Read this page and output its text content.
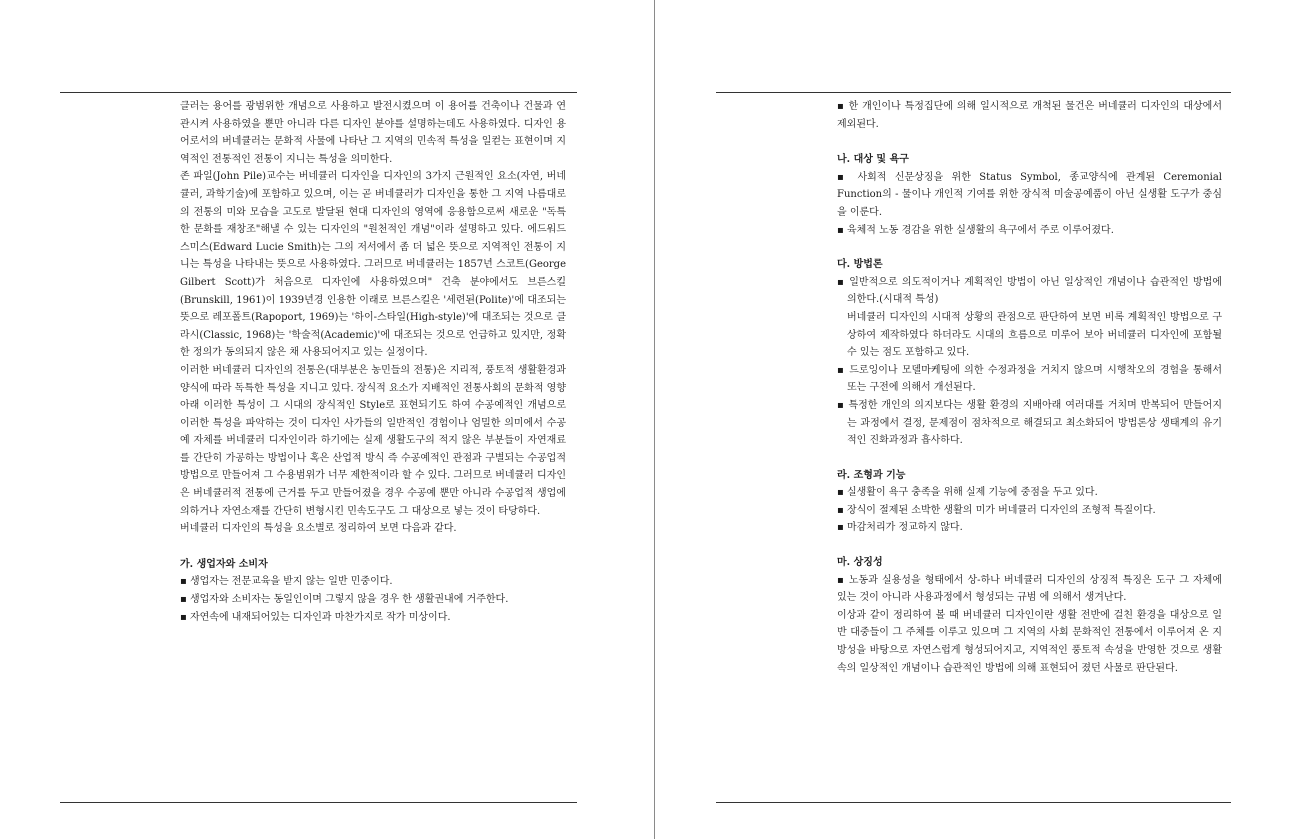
클러는 용어를 광범위한 개념으로 사용하고 발전시켰으며 이 용어를 건축이나 건물과 연관시켜 사용하였을 뿐만 아니라 다른 디자인 분야를 설명하는데도 사용하였다. 디자인 용어로서의 버네큘러는 문화적 사물에 나타난 그 지역의 민속적 특성을 일컫는 표현이며 지역적인 전통적인 전통이 지니는 특성을 의미한다.

존 파일(John Pile)교수는 버네큘러 디자인을 디자인의 3가지 근원적인 요소(자연, 버네큘러, 과학기술)에 포함하고 있으며, 이는 곧 버네큘러가 디자인을 통한 그 지역 나름대로의 전통의 미와 모습을 고도로 발달된 현대 디자인의 영역에 응용함으로써 새로운 "독특한 문화를 재창조"해낼 수 있는 디자인의 "원천적인 개념"이라 설명하고 있다. 에드워드 스미스(Edward Lucie Smith)는 그의 저서에서 좀 더 넓은 뜻으로 지역적인 전통이 지니는 특성을 나타내는 뜻으로 사용하였다. 그러므로 버네큘러는 1857년 스코트(George Gilbert Scott)가 처음으로 디자인에 사용하였으며" 건축 분야에서도 브른스킬(Brunskill, 1961)이 1939년경 인용한 이래로 브른스킬은 '세련된(Polite)'에 대조되는 뜻으로 레포폴트(Rapoport, 1969)는 '하이-스타일(High-style)'에 대조되는 것으로 클라시(Classic, 1968)는 '학술적(Academic)'에 대조되는 것으로 언급하고 있지만, 정확한 정의가 동의되지 않은 채 사용되어지고 있는 실정이다.

이러한 버네큘러 디자인의 전통은(대부분은 농민들의 전통)은 지리적, 풍토적 생활환경과 양식에 따라 독특한 특성을 지니고 있다. 장식적 요소가 지배적인 전통사회의 문화적 영향 아래 이러한 특성이 그 시대의 장식적인 Style로 표현되기도 하여 수공예적인 개념으로 이러한 특성을 파악하는 것이 디자인 사가들의 일반적인 경험이나 엄밀한 의미에서 수공예 자체를 버네큘러 디자인이라 하기에는 실제 생활도구의 적지 않은 부분들이 자연재료를 간단히 가공하는 방법이나 혹은 산업적 방식 즉 수공예적인 관점과 구별되는 수공업적 방법으로 만들어져 그 수용범위가 너무 제한적이라 할 수 있다. 그러므로 버네큘러 디자인은 버네큘러적 전통에 근거를 두고 만들어졌을 경우 수공예 뿐만 아니라 수공업적 생업에 의하거나 자연소재를 간단히 변형시킨 민속도구도 그 대상으로 넣는 것이 타당하다.

버네큘러 디자인의 특성을 요소별로 정리하여 보면 다음과 같다.

가. 생업자와 소비자

▪ 생업자는 전문교육을 받지 않는 일반 민중이다.

▪ 생업자와 소비자는 동일인이며 그렇지 않을 경우 한 생활권내에 거주한다.

▪ 자연속에 내재되어있는 디자인과 마찬가지로 작가 미상이다.

▪ 한 개인이나 특정집단에 의해 일시적으로 개척된 물건은 버네큘러 디자인의 대상에서 제외된다.

나. 대상 및 욕구

▪ 사회적 신문상징을 위한 Status Symbol, 종교양식에 관계된 Ceremonial Function의 - 물이나 개인적 기여를 위한 장식적 미술공예품이 아닌 실생활 도구가 중심을 이룬다.

▪ 육체적 노동 경감을 위한 실생활의 욕구에서 주로 이루어졌다.

다. 방법론

▪ 일반적으로 의도적이거나 계획적인 방법이 아닌 일상적인 개념이나 습관적인 방법에 의한다.(시대적 특성)

버네큘러 디자인의 시대적 상황의 관점으로 판단하여 보면 비록 계획적인 방법으로 구상하여 제작하였다 하더라도 시대의 흐름으로 미루어 보아 버네큘러 디자인에 포함될 수 있는 점도 포함하고 있다.

▪ 드로잉이나 모델마케팅에 의한 수정과정을 거치지 않으며 시행착오의 경험을 통해서 또는 구전에 의해서 개선된다.

▪ 특정한 개인의 의지보다는 생활 환경의 지배아래 여러대를 거치며 반복되어 만들어지는 과정에서 결정, 문제점이 점차적으로 해결되고 최소화되어 방법론상 생태계의 유기적인 진화과정과 흡사하다.

라. 조형과 기능

▪ 실생활이 욕구 충족을 위해 실제 기능에 중점을 두고 있다.

▪ 장식이 절제된 소박한 생활의 미가 버네큘러 디자인의 조형적 특질이다.

▪ 마감처리가 정교하지 않다.

마. 상징성

▪ 노동과 실용성을 형태에서 상-하나 버네큘러 디자인의 상징적 특징은 도구 그 자체에 있는 것이 아니라 사용과정에서 형성되는 규범 에 의해서 생겨난다.

이상과 같이 정리하여 볼 때 버네큘러 디자인이란 생활 전반에 걸친 환경을 대상으로 일반 대중들이 그 주체를 이루고 있으며 그 지역의 사회 문화적인 전통에서 이루어져 온 지방성을 바탕으로 자연스럽게 형성되어지고, 지역적인 풍토적 속성을 반영한 것으로 생활속의 일상적인 개념이나 습관적인 방법에 의해 표현되어 졌던 사물로 판단된다.
